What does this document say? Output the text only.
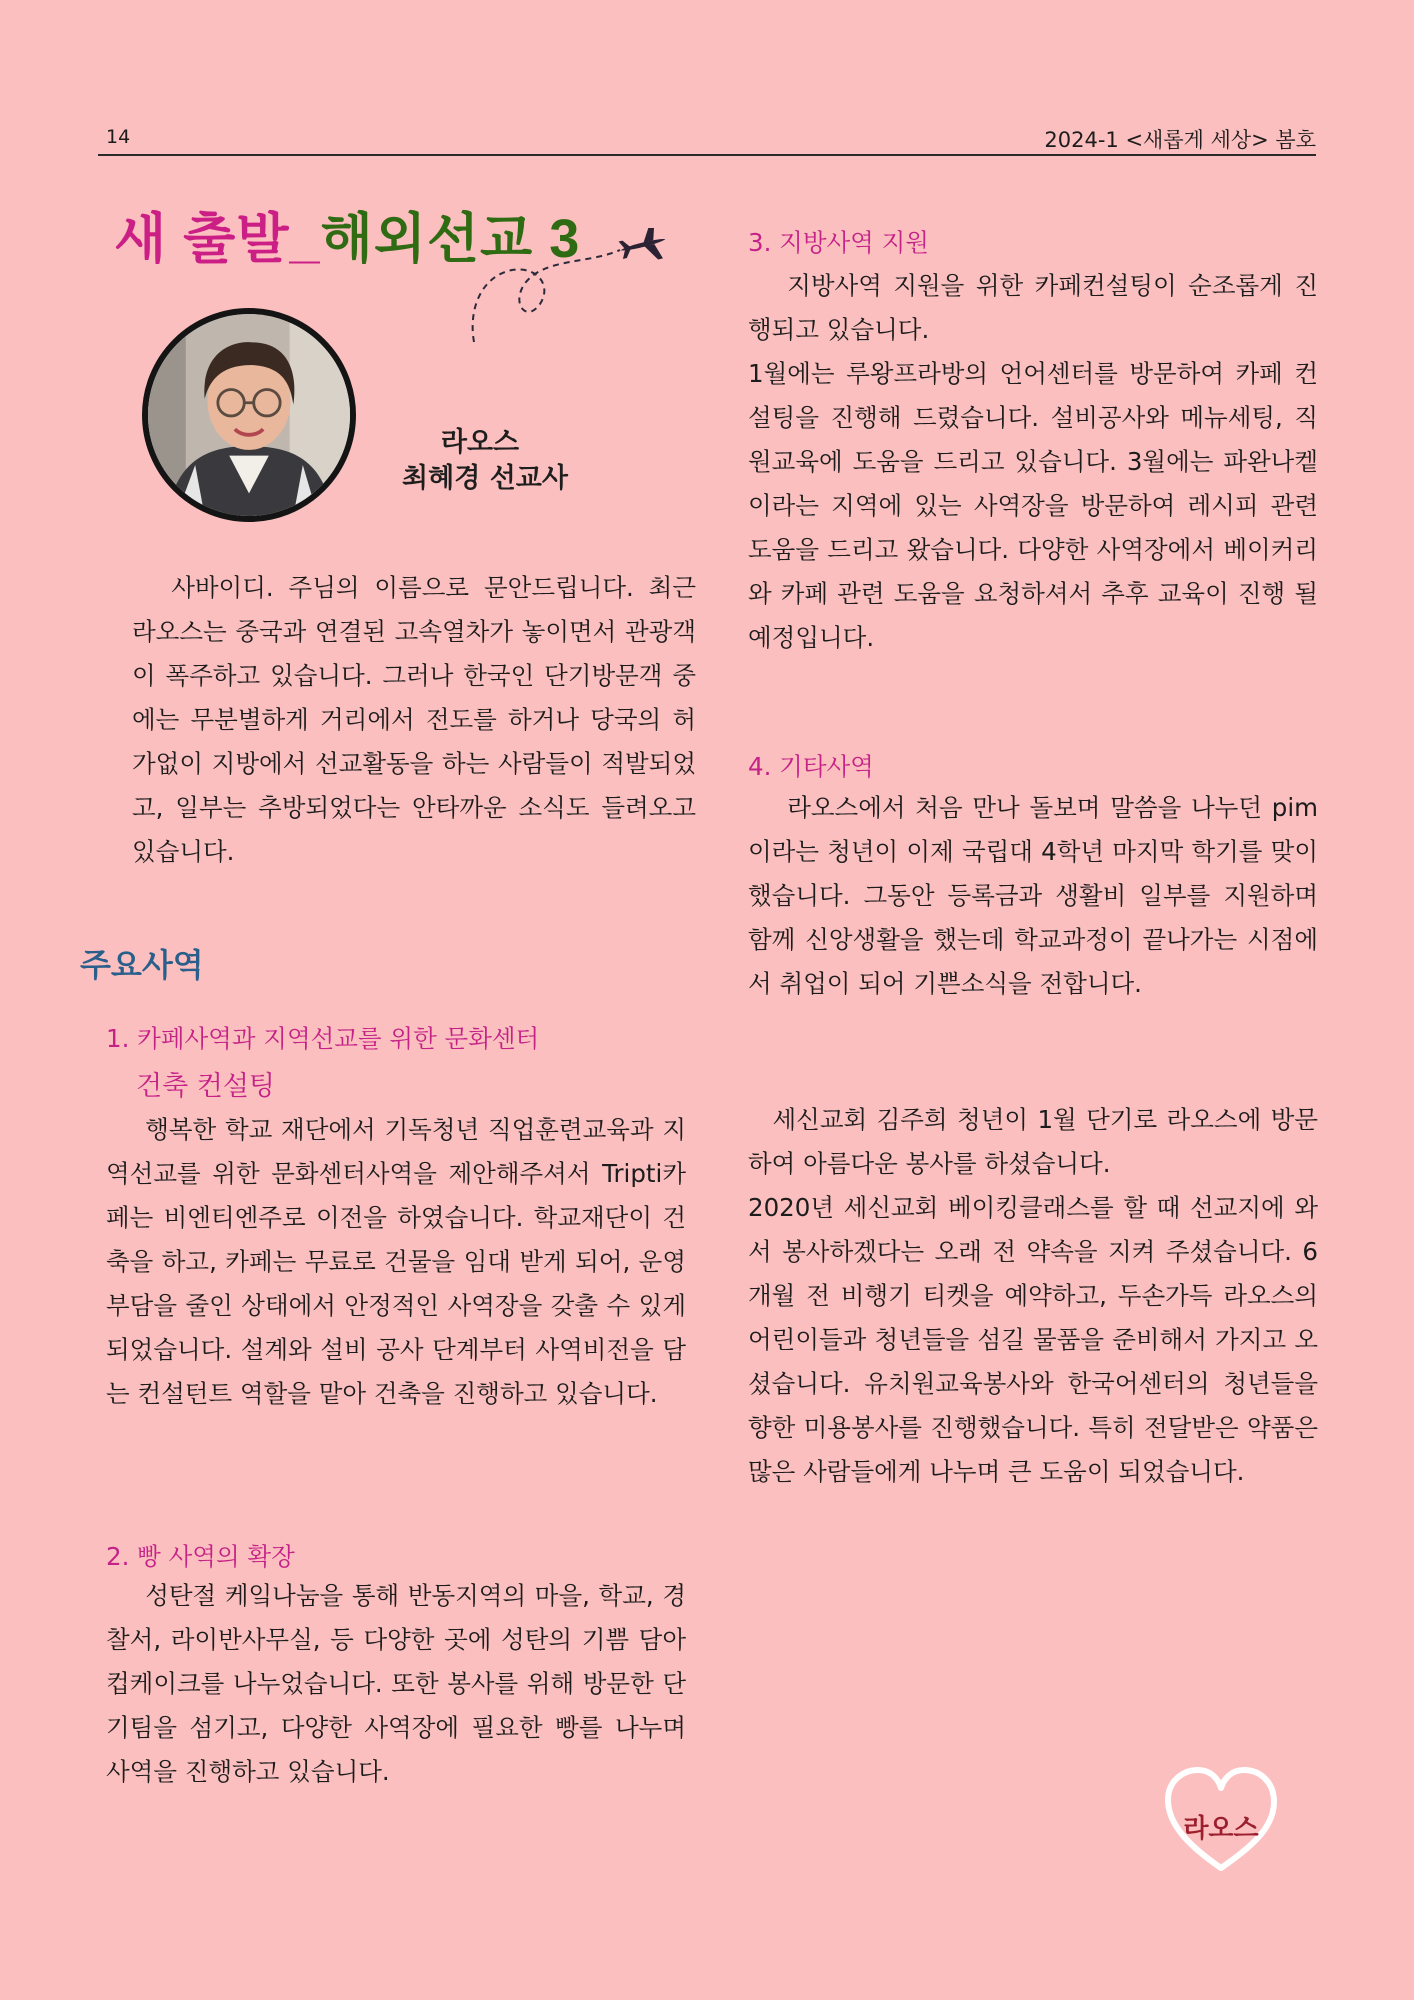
14	2024-1 <새롭게 세상> 봄호
새 출발_해외선교 3
라오스
최혜경 선교사

사바이디. 주님의 이름으로 문안드립니다. 최근 라오스는 중국과 연결된 고속열차가 놓이면서 관광객이 폭주하고 있습니다. 그러나 한국인 단기방문객 중에는 무분별하게 거리에서 전도를 하거나 당국의 허가없이 지방에서 선교활동을 하는 사람들이 적발되었고, 일부는 추방되었다는 안타까운 소식도 들려오고 있습니다.

주요사역
1. 카페사역과 지역선교를 위한 문화센터
건축 컨설팅

행복한 학교 재단에서 기독청년 직업훈련교육과 지역선교를 위한 문화센터사역을 제안해주셔서 Tripti카페는 비엔티엔주로 이전을 하였습니다. 학교재단이 건축을 하고, 카페는 무료로 건물을 임대 받게 되어, 운영 부담을 줄인 상태에서 안정적인 사역장을 갖출 수 있게 되었습니다. 설계와 설비 공사 단계부터 사역비전을 담는 컨설턴트 역할을 맡아 건축을 진행하고 있습니다.

2. 빵 사역의 확장

성탄절 케잌나눔을 통해 반동지역의 마을, 학교, 경찰서, 라이반사무실, 등 다양한 곳에 성탄의 기쁨 담아 컵케이크를 나누었습니다. 또한 봉사를 위해 방문한 단기팀을 섬기고, 다양한 사역장에 필요한 빵를 나누며 사역을 진행하고 있습니다.

3. 지방사역 지원

지방사역 지원을 위한 카페컨설팅이 순조롭게 진행되고 있습니다.

1월에는 루왕프라방의 언어센터를 방문하여 카페 컨설팅을 진행해 드렸습니다. 설비공사와 메뉴세팅, 직원교육에 도움을 드리고 있습니다. 3월에는 파완나켙이라는 지역에 있는 사역장을 방문하여 레시피 관련 도움을 드리고 왔습니다. 다양한 사역장에서 베이커리와 카페 관련 도움을 요청하셔서 추후 교육이 진행 될 예정입니다.

4. 기타사역

라오스에서 처음 만나 돌보며 말씀을 나누던 pim이라는 청년이 이제 국립대 4학년 마지막 학기를 맞이했습니다. 그동안 등록금과 생활비 일부를 지원하며 함께 신앙생활을 했는데 학교과정이 끝나가는 시점에서 취업이 되어 기쁜소식을 전합니다.

세신교회 김주희 청년이 1월 단기로 라오스에 방문하여 아름다운 봉사를 하셨습니다.

2020년 세신교회 베이킹클래스를 할 때 선교지에 와서 봉사하겠다는 오래 전 약속을 지켜 주셨습니다. 6개월 전 비행기 티켓을 예약하고, 두손가득 라오스의 어린이들과 청년들을 섬길 물품을 준비해서 가지고 오셨습니다. 유치원교육봉사와 한국어센터의 청년들을 향한 미용봉사를 진행했습니다. 특히 전달받은 약품은 많은 사람들에게 나누며 큰 도움이 되었습니다.

라오스
